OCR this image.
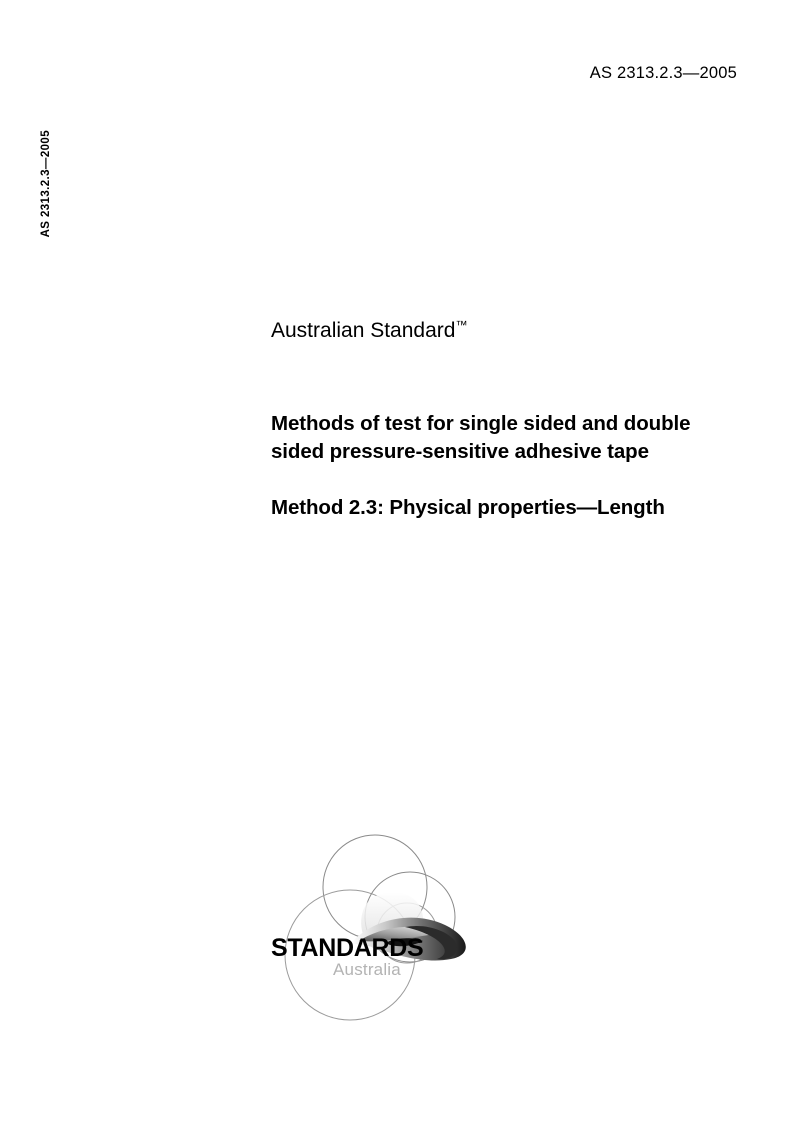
AS 2313.2.3—2005
AS 2313.2.3—2005
Australian Standard™
Methods of test for single sided and double sided pressure-sensitive adhesive tape
Method 2.3: Physical properties—Length
STANDARDS
Australia
